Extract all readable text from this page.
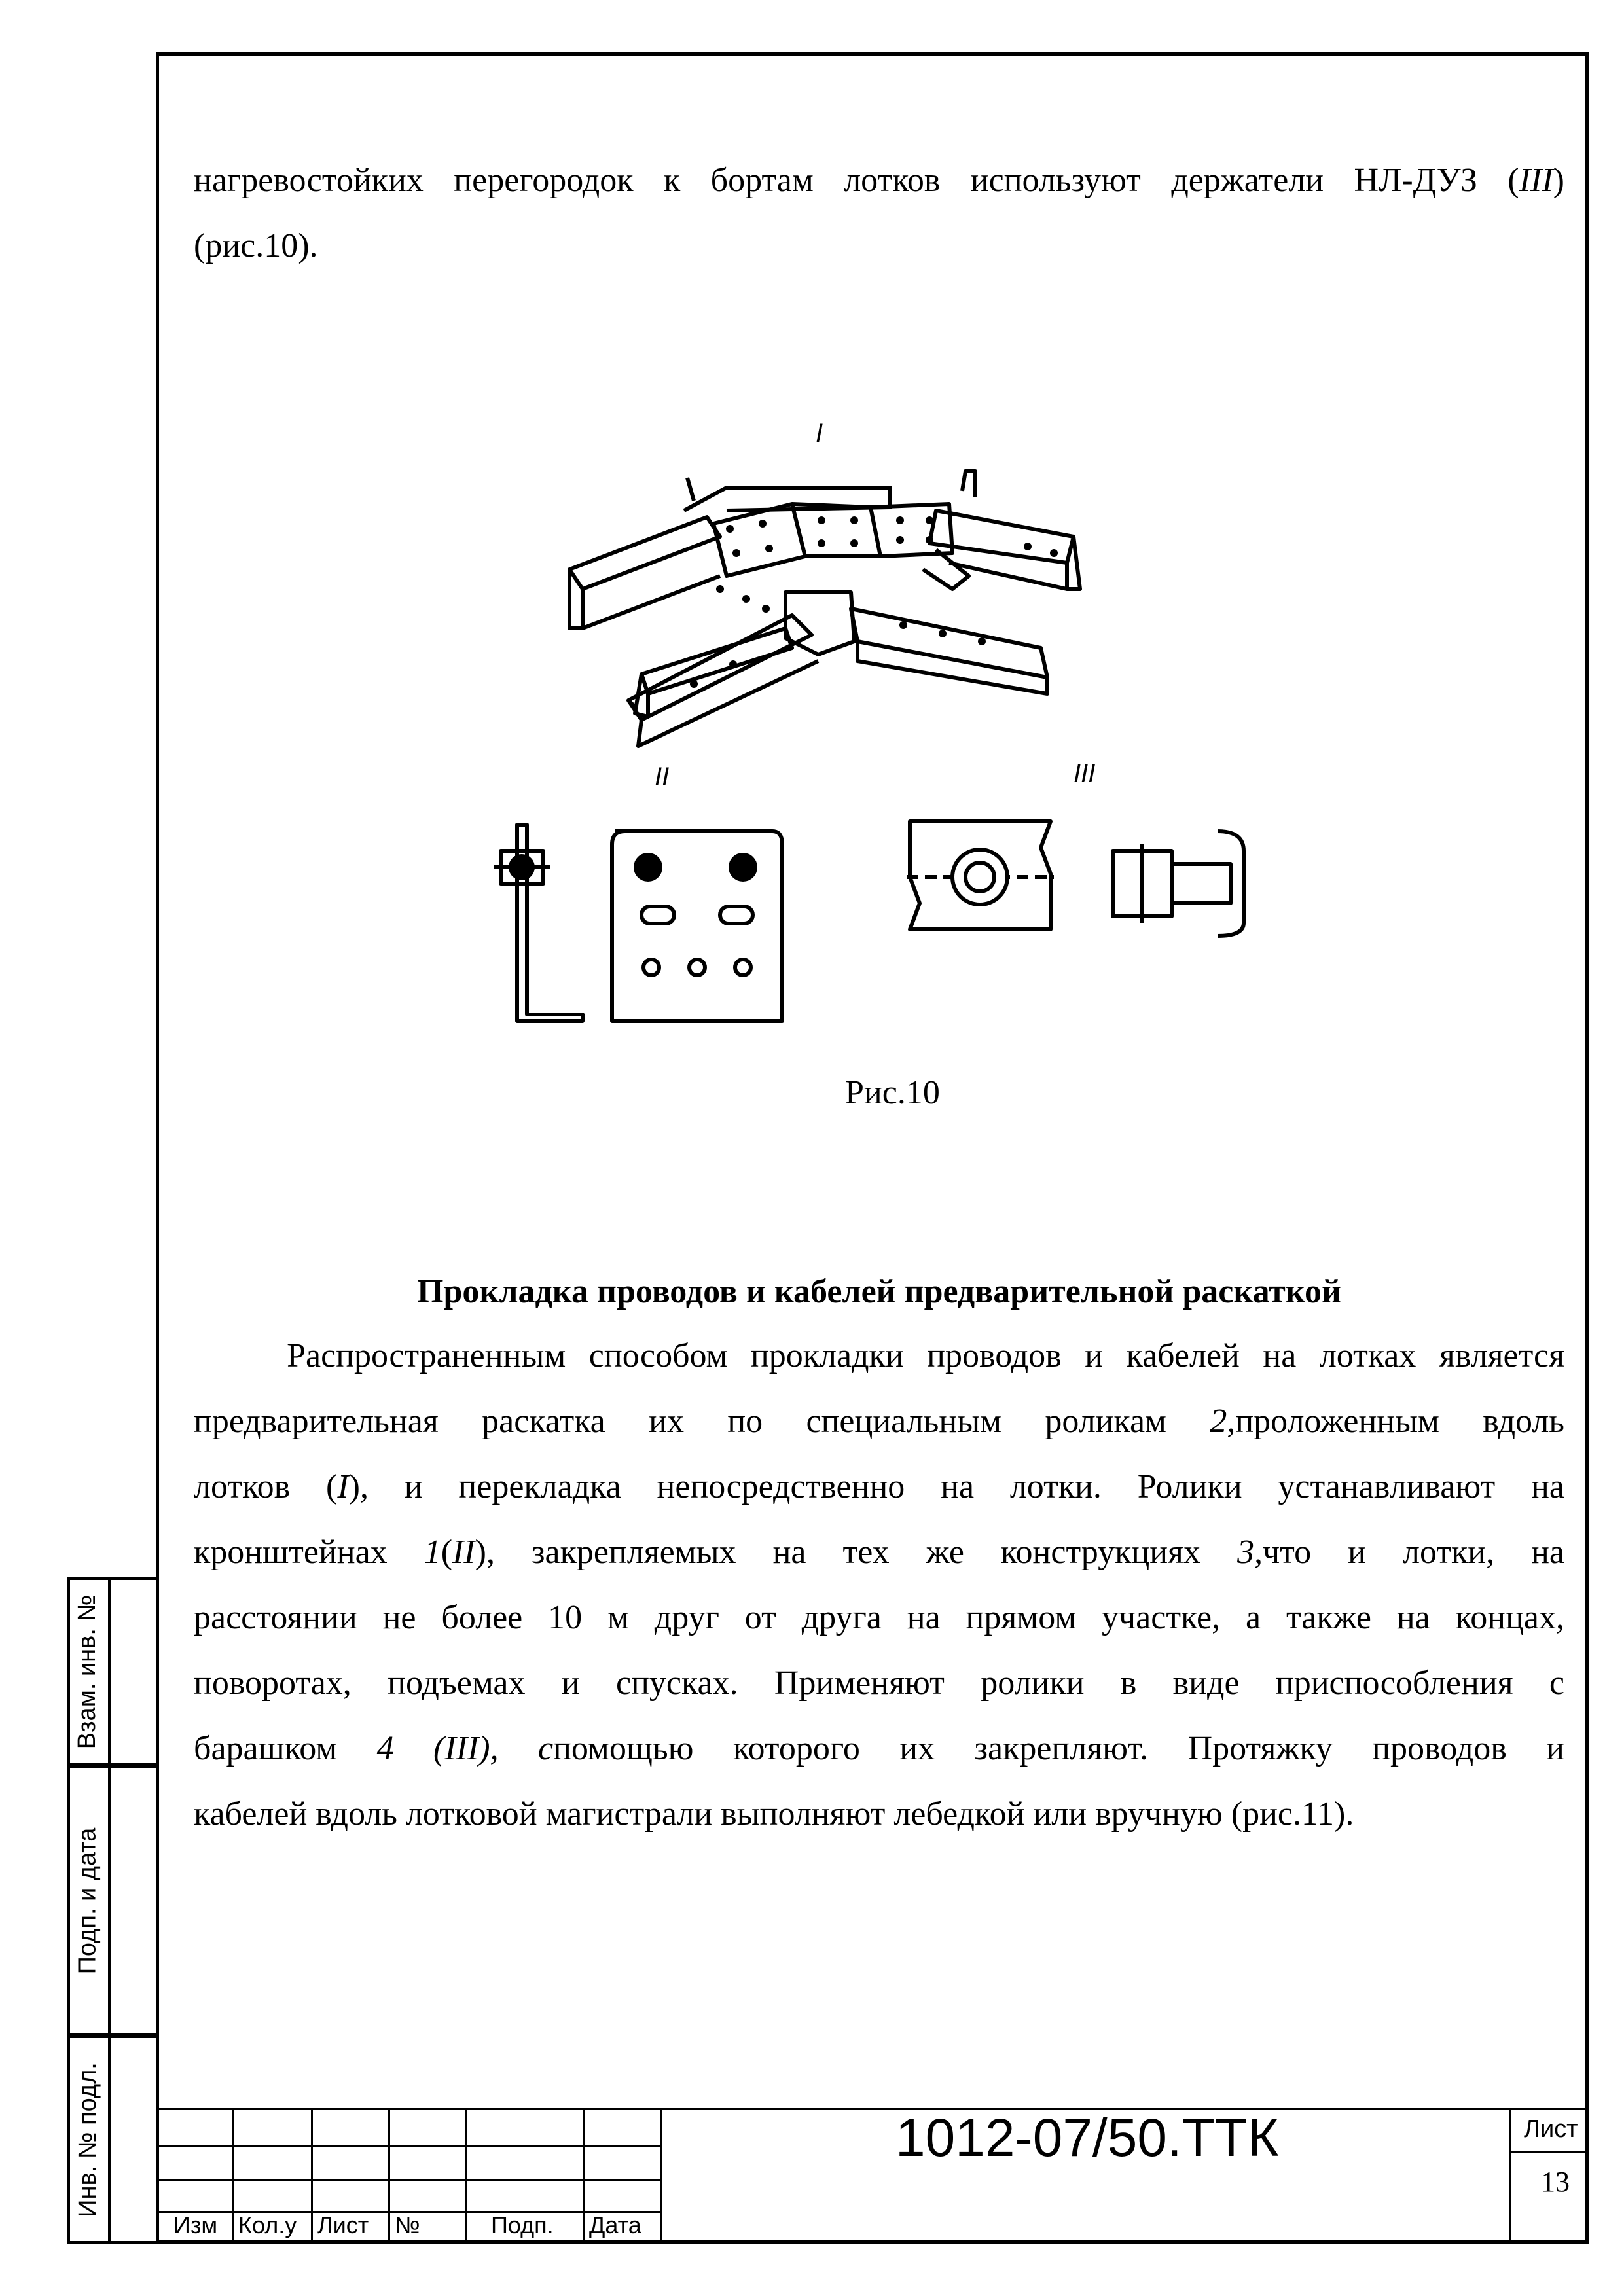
нагревостойких перегородок к бортам лотков используют держатели НЛ-ДУЗ (III)
(рис.10).
I
II	III
Рис.10
Прокладка проводов и кабелей предварительной раскаткой
Распространенным способом прокладки проводов и кабелей на лотках является
предварительная раскатка их по специальным роликам 2,проложенным вдоль
лотков (I), и перекладка непосредственно на лотки. Ролики устанавливают на
кронштейнах 1(II), закрепляемых на тех же конструкциях 3,что и лотки, на
расстоянии не более 10 м друг от друга на прямом участке, а также на концах,
поворотах, подъемах и спусках. Применяют ролики в виде приспособления с
барашком 4 (III), спомощью которого их закрепляют. Протяжку проводов и
кабелей вдоль лотковой магистрали выполняют лебедкой или вручную (рис.11).
Взам. инв. №
Подп. и дата
Инв. № подл.
Изм Кол.у Лист №	Подп. Дата
1012-07/50.ТТК	Лист
13
